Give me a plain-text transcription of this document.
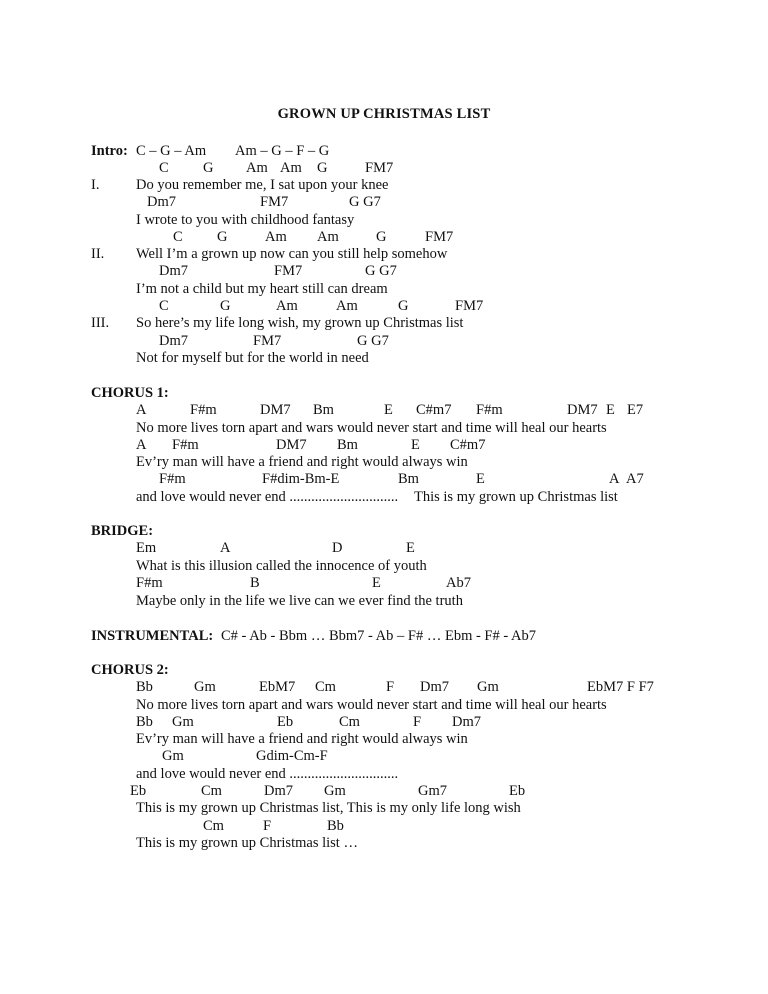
GROWN UP CHRISTMAS LIST
Intro: C – G – Am Am – G – F – G
C G Am Am G	FM7
I.	Do you remember me, I sat upon your knee
Dm7	FM7	G G7
I wrote to you with childhood fantasy
C G	Am Am	G	FM7
II. Well I’m a grown up now can you still help somehow
Dm7	FM7	G G7
I’m not a child but my heart still can dream
C	G	Am	Am	G	FM7
III. So here’s my life long wish, my grown up Christmas list
Dm7	FM7	G G7
Not for myself but for the world in need
CHORUS 1:
A	F#m	DM7 Bm	E C#m7 F#m	DM7 E E7
No more lives torn apart and wars would never start and time will heal our hearts
A F#m	DM7 Bm	E C#m7
Ev’ry man will have a friend and right would always win
F#m	F#dim-Bm-E	Bm	E	A A7
and love would never end .............................. This is my grown up Christmas list
BRIDGE:
Em	A	D	E
What is this illusion called the innocence of youth
F#m	B	E	Ab7
Maybe only in the life we live can we ever find the truth
INSTRUMENTAL: C# - Ab - Bbm … Bbm7 - Ab – F# … Ebm - F# - Ab7
CHORUS 2:
Bb	Gm	EbM7 Cm	F Dm7 Gm	EbM7 F F7
No more lives torn apart and wars would never start and time will heal our hearts
Bb Gm	Eb	Cm	F Dm7
Ev’ry man will have a friend and right would always win
Gm	Gdim-Cm-F
and love would never end ..............................
Eb	Cm	Dm7 Gm	Gm7	Eb
This is my grown up Christmas list, This is my only life long wish
Cm	F	Bb
This is my grown up Christmas list …
